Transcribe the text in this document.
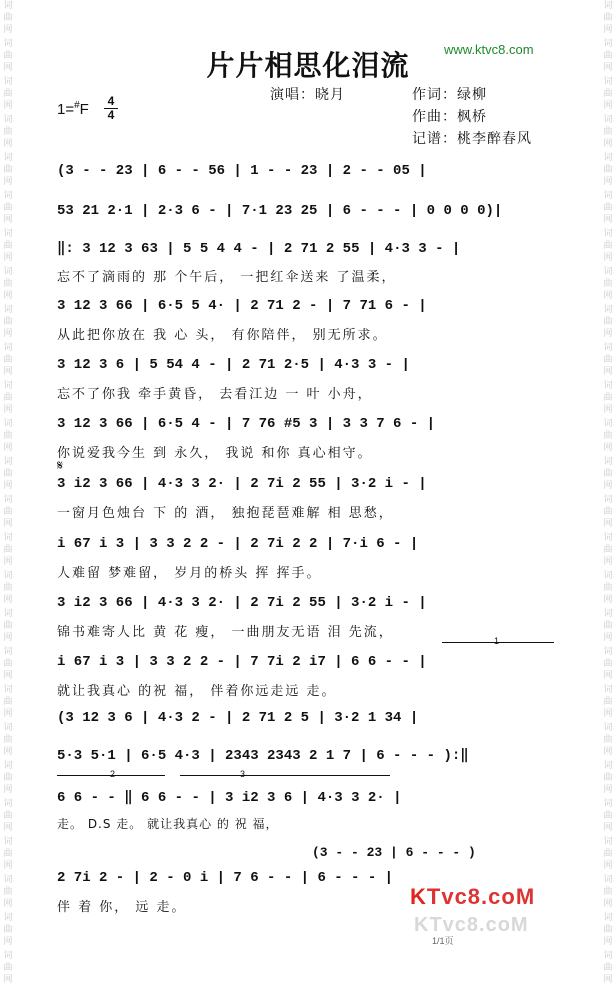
词
曲
网
词
曲
网
词
曲
网
词
曲
网
词
曲
网
词
曲
网
词
曲
网
词
曲
网
词
曲
网
词
曲
网
词
曲
网
词
曲
网
词
曲
网
词
曲
网
词
曲
网
词
曲
网
词
曲
网
词
曲
网
词
曲
网
词
曲
网
词
曲
网
词
曲
网
词
曲
网
词
曲
网
词
曲
网
词
曲
网
词
曲
网
词
曲
网
词
曲
网
词
曲
网
词
曲
网
词
曲
网
词
曲
网
词
曲
网
词
曲
网
词
曲
网
词
曲
网
词
曲
网
词
曲
网
词
曲
网
词
曲
网
词
曲
网
词
曲
网
词
曲
网
词
曲
网
词
曲
网
词
曲
网
词
曲
网
词
曲
网
词
曲
网
词
曲
网
词
曲
网
片片相思化泪流	www.ktvc8.com
1=#F	4
4
演唱：晓月	作词：绿柳
作曲：枫桥
记谱：桃李醉春风
(3 - - 23 | 6 - - 56 | 1 - - 23 | 2 - - 05 |
53 21 2·1 | 2·3 6 - | 7·1 23 25 | 6 - - - | 0 0 0 0)|
‖: 3 12 3 63 | 5 5 4 4 - | 2 71 2 55 | 4·3 3 - |
忘不了滴雨的 那 个午后， 一把红伞送来 了温柔，
3 12 3 66 | 6·5 5 4· | 2 71 2 - | 7 71 6 - |
从此把你放在 我 心 头， 有你陪伴， 别无所求。
3 12 3 6 | 5 54 4 - | 2 71 2·5 | 4·3 3 - |
忘不了你我 牵手黄昏， 去看江边 一 叶 小舟，
3 12 3 66 | 6·5 4 - | 7 76 #5 3 | 3 3 7 6 - |
你说爱我今生 到 永久， 我说 和你 真心相守。
𝄋
3 i2 3 66 | 4·3 3 2· | 2 7i 2 55 | 3·2 i - |
一窗月色烛台 下 的 酒， 独抱琵琶难解 相 思愁，
i 67 i 3 | 3 3 2 2 - | 2 7i 2 2 | 7·i 6 - |
人难留 梦难留， 岁月的桥头 挥 挥手。
3 i2 3 66 | 4·3 3 2· | 2 7i 2 55 | 3·2 i - |
锦书难寄人比 黄 花 瘦， 一曲朋友无语 泪 先流，
1
i 67 i 3 | 3 3 2 2 - | 7 7i 2 i7 | 6 6 - - |
就让我真心 的祝 福， 伴着你远走远 走。
(3 12 3 6 | 4·3 2 - | 2 71 2 5 | 3·2 1 34 |
5·3 5·1 | 6·5 4·3 | 2343 2343 2 1 7 | 6 - - - ):‖
2	3
6 6 - - ‖ 6 6 - - | 3 i2 3 6 | 4·3 3 2· |
走。 D.S 走。 就让我真心 的 祝 福，
(3 - - 23 | 6 - - - )
2 7i 2 - | 2 - 0 i | 7 6 - - | 6 - - - |
伴 着 你， 远 走。	KTvc8.coM
KTvc8.coM
1/1页
